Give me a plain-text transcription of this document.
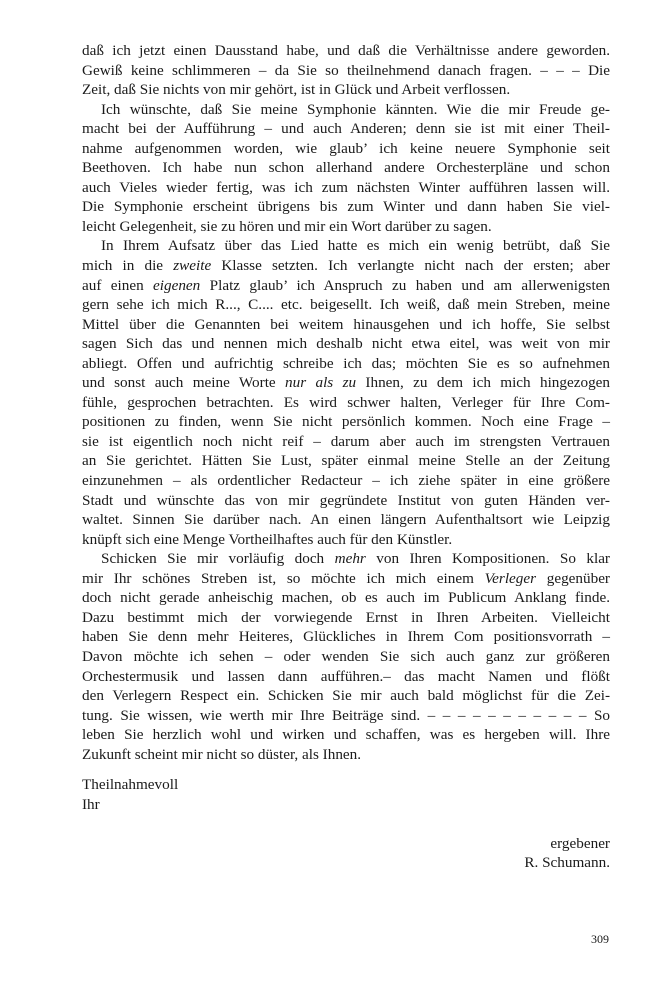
daß ich jetzt einen Dausstand habe, und daß die Verhältnisse andere geworden.
Gewiß keine schlimmeren – da Sie so theilnehmend danach fragen. – – – Die
Zeit, daß Sie nichts von mir gehört, ist in Glück und Arbeit verflossen.

Ich wünschte, daß Sie meine Symphonie kännten. Wie die mir Freude ge-
macht bei der Aufführung – und auch Anderen; denn sie ist mit einer Theil-
nahme aufgenommen worden, wie glaub’ ich keine neuere Symphonie seit
Beethoven. Ich habe nun schon allerhand andere Orchesterpläne und schon
auch Vieles wieder fertig, was ich zum nächsten Winter aufführen lassen will.
Die Symphonie erscheint übrigens bis zum Winter und dann haben Sie viel-
leicht Gelegenheit, sie zu hören und mir ein Wort darüber zu sagen.

In Ihrem Aufsatz über das Lied hatte es mich ein wenig betrübt, daß Sie
mich in die zweite Klasse setzten. Ich verlangte nicht nach der ersten; aber
auf einen eigenen Platz glaub’ ich Anspruch zu haben und am allerwenigsten
gern sehe ich mich R..., C.... etc. beigesellt. Ich weiß, daß mein Streben, meine
Mittel über die Genannten bei weitem hinausgehen und ich hoffe, Sie selbst
sagen Sich das und nennen mich deshalb nicht etwa eitel, was weit von mir
abliegt. Offen und aufrichtig schreibe ich das; möchten Sie es so aufnehmen
und sonst auch meine Worte nur als zu Ihnen, zu dem ich mich hingezogen
fühle, gesprochen betrachten. Es wird schwer halten, Verleger für Ihre Com-
positionen zu finden, wenn Sie nicht persönlich kommen. Noch eine Frage –
sie ist eigentlich noch nicht reif – darum aber auch im strengsten Vertrauen
an Sie gerichtet. Hätten Sie Lust, später einmal meine Stelle an der Zeitung
einzunehmen – als ordentlicher Redacteur – ich ziehe später in eine größere
Stadt und wünschte das von mir gegründete Institut von guten Händen ver-
waltet. Sinnen Sie darüber nach. An einen längern Aufenthaltsort wie Leipzig
knüpft sich eine Menge Vortheilhaftes auch für den Künstler.

Schicken Sie mir vorläufig doch mehr von Ihren Kompositionen. So klar
mir Ihr schönes Streben ist, so möchte ich mich einem Verleger gegenüber
doch nicht gerade anheischig machen, ob es auch im Publicum Anklang finde.
Dazu bestimmt mich der vorwiegende Ernst in Ihren Arbeiten. Vielleicht
haben Sie denn mehr Heiteres, Glückliches in Ihrem Com positionsvorrath –
Davon möchte ich sehen – oder wenden Sie sich auch ganz zur größeren
Orchestermusik und lassen dann aufführen.– das macht Namen und flößt
den Verlegern Respect ein. Schicken Sie mir auch bald möglichst für die Zei-
tung. Sie wissen, wie werth mir Ihre Beiträge sind. – – – – – – – – – – – So
leben Sie herzlich wohl und wirken und schaffen, was es hergeben will. Ihre
Zukunft scheint mir nicht so düster, als Ihnen.

Theilnahmevoll
Ihr
ergebener
R. Schumann.
309
